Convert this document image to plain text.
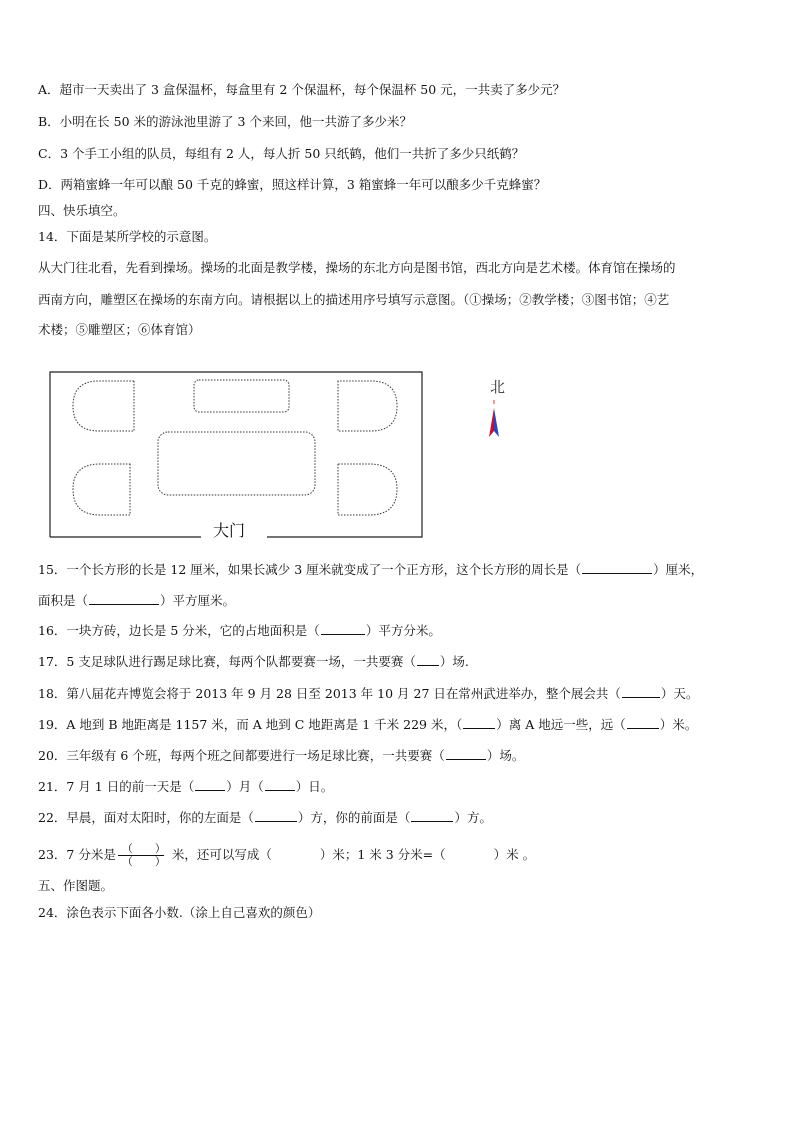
A．超市一天卖出了 3 盒保温杯，每盒里有 2 个保温杯，每个保温杯 50 元，一共卖了多少元？
B．小明在长 50 米的游泳池里游了 3 个来回，他一共游了多少米？
C．3 个手工小组的队员，每组有 2 人，每人折 50 只纸鹤，他们一共折了多少只纸鹤？
D．两箱蜜蜂一年可以酿 50 千克的蜂蜜，照这样计算，3 箱蜜蜂一年可以酿多少千克蜂蜜？
四、快乐填空。
14．下面是某所学校的示意图。
从大门往北看，先看到操场。操场的北面是教学楼，操场的东北方向是图书馆，西北方向是艺术楼。体育馆在操场的
西南方向，雕塑区在操场的东南方向。请根据以上的描述用序号填写示意图。（①操场；②教学楼；③图书馆；④艺
术楼；⑤雕塑区；⑥体育馆）
大门
北
15．一个长方形的长是 12 厘米，如果长减少 3 厘米就变成了一个正方形，这个长方形的周长是（	）厘米，
面积是（	）平方厘米。
16．一块方砖，边长是 5 分米，它的占地面积是（	）平方分米。
17．5 支足球队进行踢足球比赛，每两个队都要赛一场，一共要赛（ ）场.
18．第八届花卉博览会将于 2013 年 9 月 28 日至 2013 年 10 月 27 日在常州武进举办，整个展会共（	）天。
19．A 地到 B 地距离是 1157 米，而 A 地到 C 地距离是 1 千米 229 米，（	）离 A 地远一些，远（	）米。
20．三年级有 6 个班，每两个班之间都要进行一场足球比赛，一共要赛（	）场。
21．7 月 1 日的前一天是（	）月（	）日。
22．早晨，面对太阳时，你的左面是（	）方，你的前面是（	）方。
23．7 分米是 $\frac{( )}{( )}$ 米，还可以写成（	）米；1 米 3 分米=（	）米 。
五、作图题。
24．涂色表示下面各小数.（涂上自己喜欢的颜色）
